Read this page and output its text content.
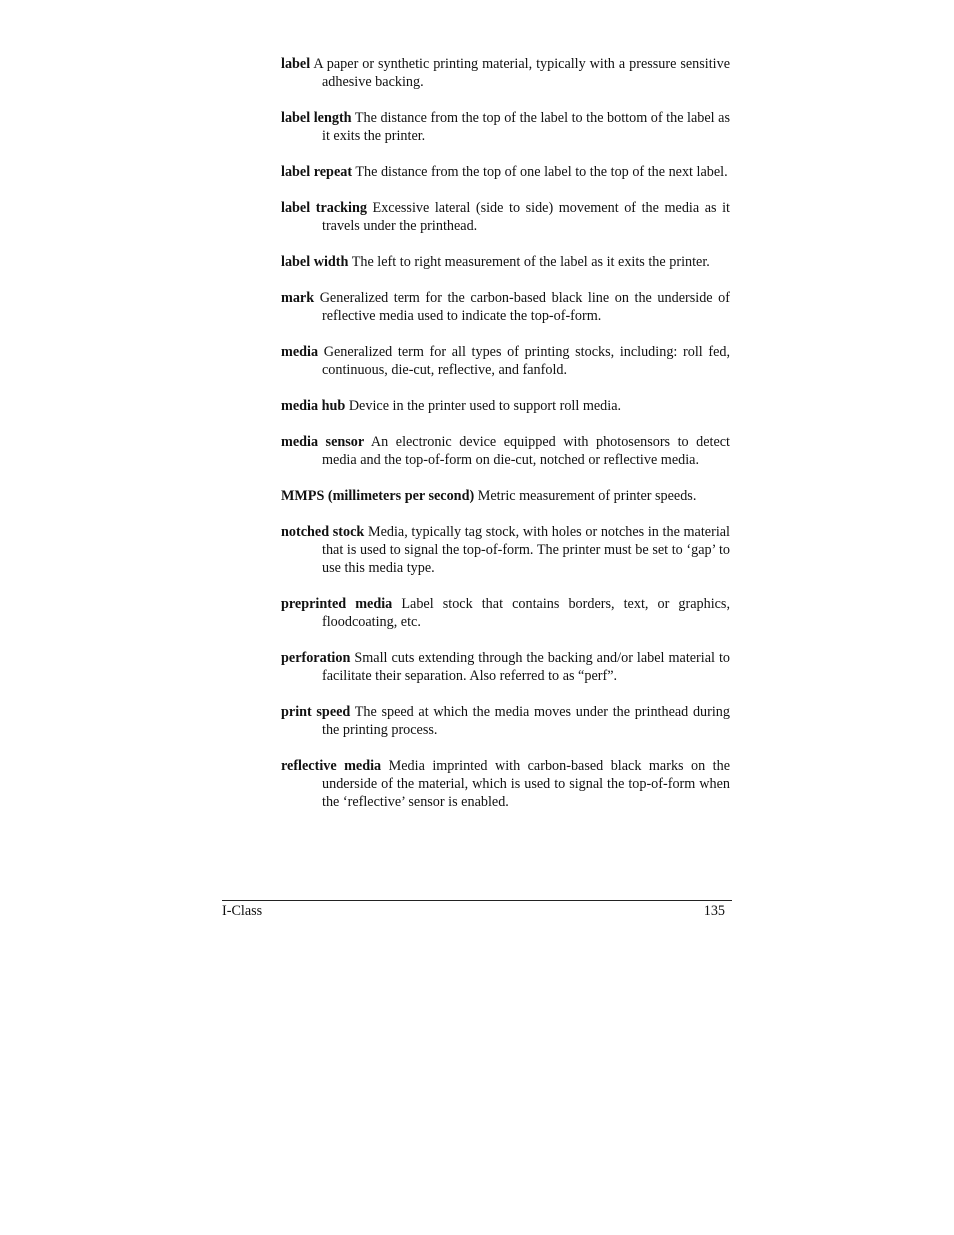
label A paper or synthetic printing material, typically with a pressure sensitive adhesive backing.
label length The distance from the top of the label to the bottom of the label as it exits the printer.
label repeat The distance from the top of one label to the top of the next label.
label tracking Excessive lateral (side to side) movement of the media as it travels under the printhead.
label width The left to right measurement of the label as it exits the printer.
mark Generalized term for the carbon-based black line on the underside of reflective media used to indicate the top-of-form.
media Generalized term for all types of printing stocks, including: roll fed, continuous, die-cut, reflective, and fanfold.
media hub Device in the printer used to support roll media.
media sensor An electronic device equipped with photosensors to detect media and the top-of-form on die-cut, notched or reflective media.
MMPS (millimeters per second) Metric measurement of printer speeds.
notched stock Media, typically tag stock, with holes or notches in the material that is used to signal the top-of-form. The printer must be set to ‘gap’ to use this media type.
preprinted media Label stock that contains borders, text, or graphics, floodcoating, etc.
perforation Small cuts extending through the backing and/or label material to facilitate their separation. Also referred to as “perf”.
print speed The speed at which the media moves under the printhead during the printing process.
reflective media Media imprinted with carbon-based black marks on the underside of the material, which is used to signal the top-of-form when the ‘reflective’ sensor is enabled.
I-Class	135
